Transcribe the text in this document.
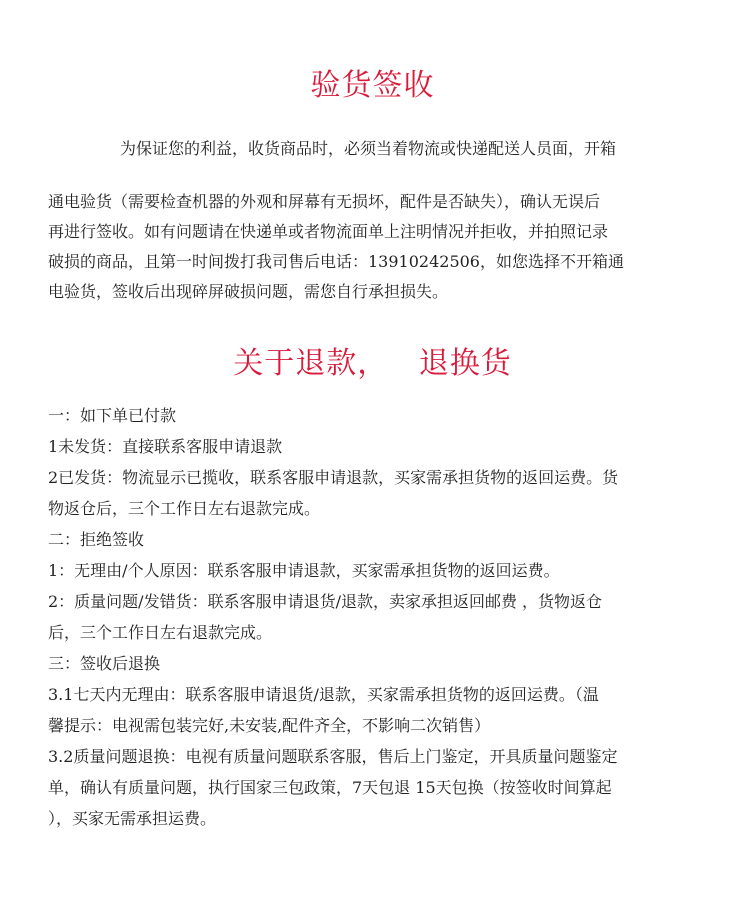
验货签收
为保证您的利益，收货商品时，必须当着物流或快递配送人员面，开箱
通电验货（需要检查机器的外观和屏幕有无损坏，配件是否缺失），确认无误后
再进行签收。如有问题请在快递单或者物流面单上注明情况并拒收，并拍照记录
破损的商品，且第一时间拨打我司售后电话：13910242506，如您选择不开箱通
电验货，签收后出现碎屏破损问题，需您自行承担损失。
关于退款， 退换货
一：如下单已付款
1未发货：直接联系客服申请退款
2已发货：物流显示已揽收，联系客服申请退款，买家需承担货物的返回运费。货
物返仓后，三个工作日左右退款完成。
二：拒绝签收
1：无理由/个人原因：联系客服申请退款，买家需承担货物的返回运费。
2：质量问题/发错货：联系客服申请退货/退款，卖家承担返回邮费 ，货物返仓
后，三个工作日左右退款完成。
三：签收后退换
3.1七天内无理由：联系客服申请退货/退款，买家需承担货物的返回运费。（温
馨提示：电视需包装完好,未安装,配件齐全，不影响二次销售）
3.2质量问题退换：电视有质量问题联系客服，售后上门鉴定，开具质量问题鉴定
单，确认有质量问题，执行国家三包政策，7天包退 15天包换（按签收时间算起
），买家无需承担运费。
